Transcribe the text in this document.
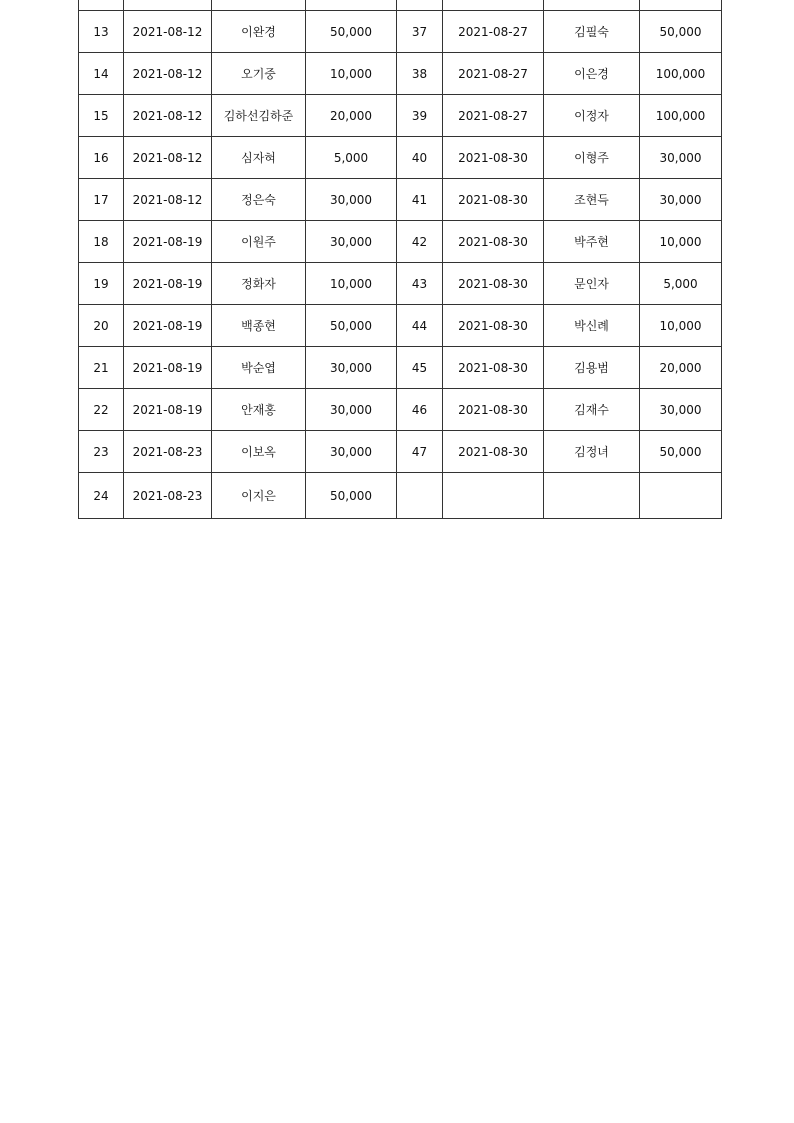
13	2021-08-12	이완경	50,000	37	2021-08-27	김필숙	50,000
14	2021-08-12	오기중	10,000	38	2021-08-27	이은경	100,000
15	2021-08-12	김하선김하준	20,000	39	2021-08-27	이정자	100,000
16	2021-08-12	심자혀	5,000	40	2021-08-30	이형주	30,000
17	2021-08-12	정은숙	30,000	41	2021-08-30	조현득	30,000
18	2021-08-19	이원주	30,000	42	2021-08-30	박주현	10,000
19	2021-08-19	정화자	10,000	43	2021-08-30	문인자	5,000
20	2021-08-19	백종현	50,000	44	2021-08-30	박신례	10,000
21	2021-08-19	박순엽	30,000	45	2021-08-30	김용범	20,000
22	2021-08-19	안재홍	30,000	46	2021-08-30	김재수	30,000
23	2021-08-23	이보옥	30,000	47	2021-08-30	김정녀	50,000
24	2021-08-23	이지은	50,000				
